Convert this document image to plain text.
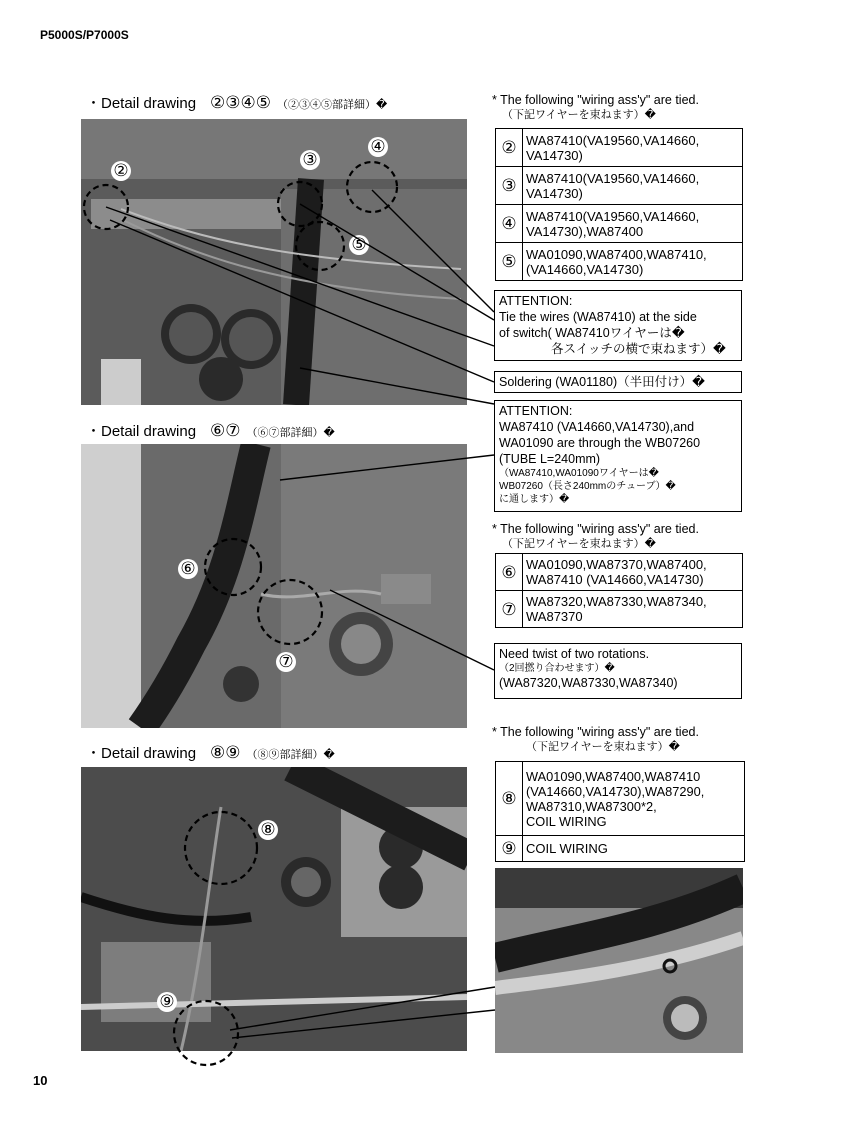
P5000S/P7000S
・Detail drawing ②③④⑤ （②③④⑤部詳細）�	* The following "wiring ass'y" are tied.
（下記ワイヤーを束ねます）�
②
③
④
⑤
②	WA87410(VA19560,VA14660,
VA14730)
③	WA87410(VA19560,VA14660,
VA14730)
④	WA87410(VA19560,VA14660,
VA14730),WA87400
⑤	WA01090,WA87400,WA87410,
(VA14660,VA14730)
ATTENTION:
Tie the wires (WA87410) at the side
of switch( WA87410ワイヤーは�
各スイッチの横で束ねます）�
Soldering (WA01180)（半田付け）�
ATTENTION:
WA87410 (VA14660,VA14730),and
WA01090 are through the WB07260
(TUBE L=240mm)
（WA87410,WA01090ワイヤーは�
WB07260（長さ240mmのチューブ）�
に通します）�
・Detail drawing ⑥⑦ （⑥⑦部詳細）�
⑥
⑦
* The following "wiring ass'y" are tied.
（下記ワイヤーを束ねます）�
⑥	WA01090,WA87370,WA87400,
WA87410 (VA14660,VA14730)
⑦	WA87320,WA87330,WA87340,
WA87370
Need twist of two rotations.
（2回撚り合わせます）�
(WA87320,WA87330,WA87340)
・Detail drawing ⑧⑨ （⑧⑨部詳細）�
* The following "wiring ass'y" are tied.
（下記ワイヤーを束ねます）�
⑧
⑨
⑧	WA01090,WA87400,WA87410
(VA14660,VA14730),WA87290,
WA87310,WA87300*2,
COIL WIRING
⑨	COIL WIRING
10
